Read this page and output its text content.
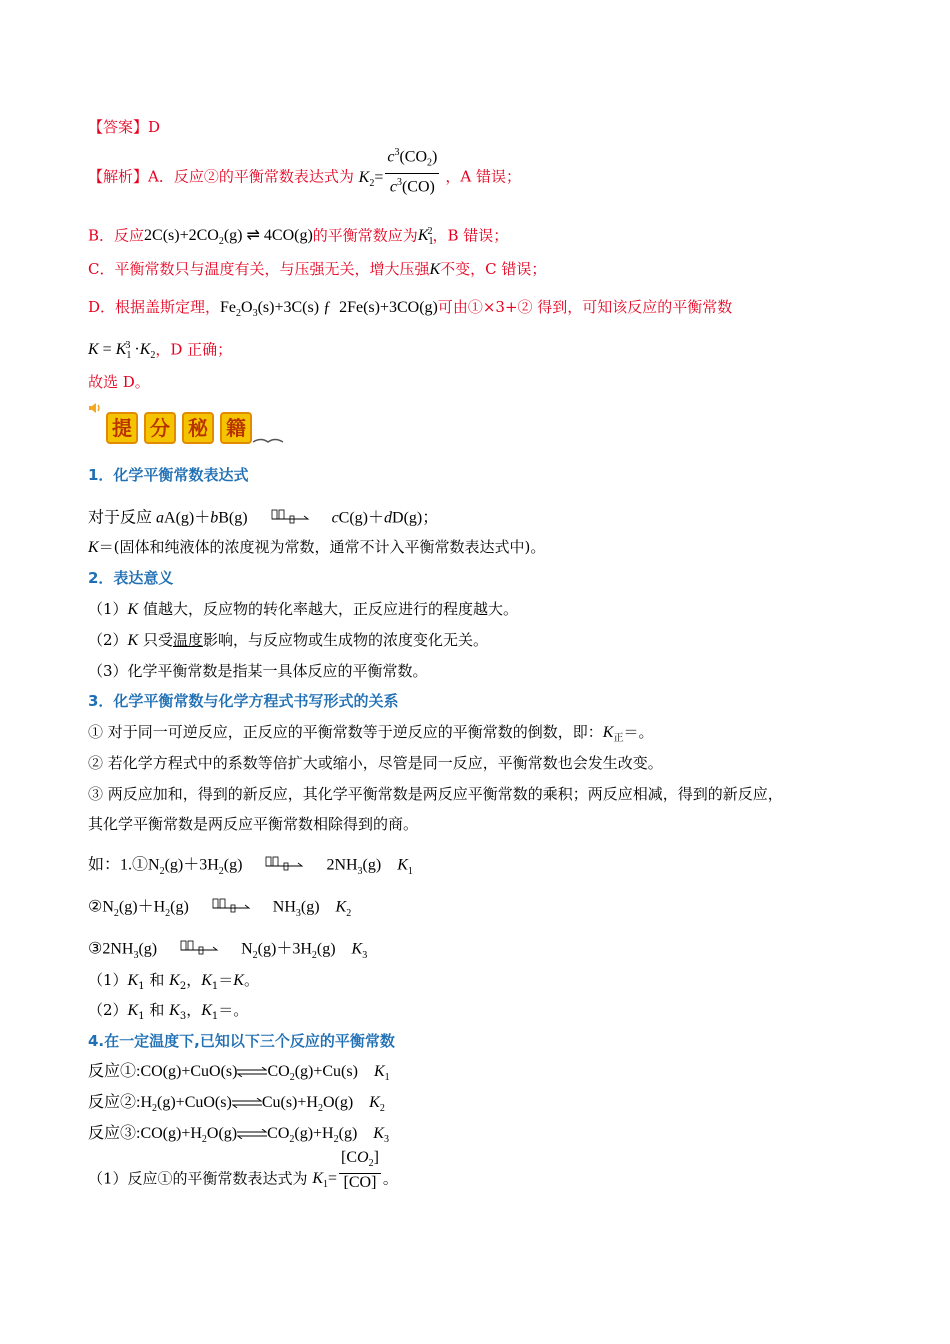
【答案】D
【解析】A．反应②的平衡常数表达式为 $K_2= \frac{c^3(CO_2)}{c^3(CO)}$ ，A 错误；
B．反应$2C(s)+2CO_2(g)$ ⇌ 4CO(g)的平衡常数应为$K_1^2$，B 错误；
C．平衡常数只与温度有关，与压强无关，增大压强K不变，C 错误；
D．根据盖斯定理，$Fe_2O_3(s)+3C(s)$ ƒ 2Fe(s)+3CO(g)可由①×3+② 得到，可知该反应的平衡常数
$K = K_1^3 \cdot K_2$，D 正确；
故选 D。
提 分 秘 籍
1．化学平衡常数表达式
对于反应 aA(g)＋bB(g)	cC(g)＋dD(g)；
K＝(固体和纯液体的浓度视为常数，通常不计入平衡常数表达式中)。
2．表达意义
（1）K 值越大，反应物的转化率越大，正反应进行的程度越大。
（2）K 只受温度影响，与反应物或生成物的浓度变化无关。
（3）化学平衡常数是指某一具体反应的平衡常数。
3．化学平衡常数与化学方程式书写形式的关系
① 对于同一可逆反应，正反应的平衡常数等于逆反应的平衡常数的倒数，即：$K_正=$。
② 若化学方程式中的系数等倍扩大或缩小，尽管是同一反应，平衡常数也会发生改变。
③ 两反应加和，得到的新反应，其化学平衡常数是两反应平衡常数的乘积；两反应相减，得到的新反应，
其化学平衡常数是两反应平衡常数相除得到的商。
如：$1.①N_2(g)+3H_2(g)$	$2NH_3(g)$ $K_1$
$②N_2(g)+H_2(g)$	$NH_3(g)$ $K_2$
$③2NH_3(g)$	$N_2(g)+3H_2(g)$ $K_3$
$(1)K_1$ 和 $K_2$，$K_1=K$。
$(2)K_1$ 和 $K_3$，$K_1=$。
4.在一定温度下,已知以下三个反应的平衡常数
反应$①:CO(g)+CuO(s)\rightleftharpoons CO_2(g)+Cu(s)$ $K_1$
反应$②:H_2(g)+CuO(s)\rightleftharpoons Cu(s)+H_2O(g)$ $K_2$
反应$③:CO(g)+H_2O(g)\rightleftharpoons CO_2(g)+H_2(g)$ $K_3$
（1）反应①的平衡常数表达式为 $K_1= \frac{[CO_2]}{[CO]}$ 。
